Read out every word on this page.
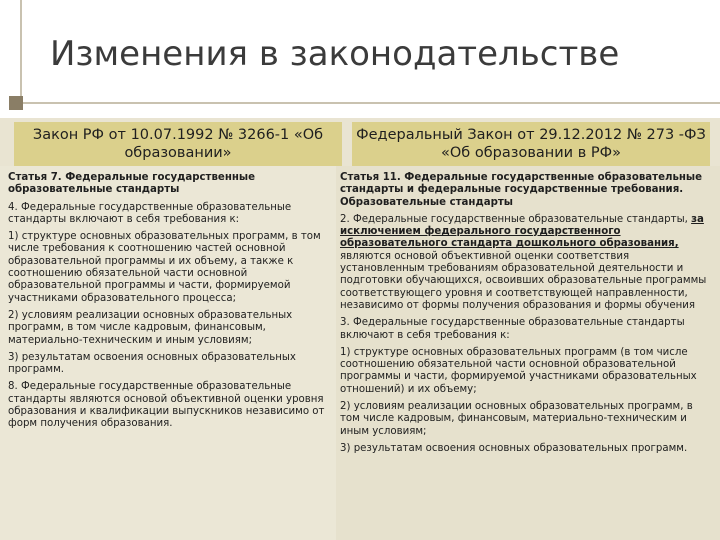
Изменения в законодательстве
Закон РФ от 10.07.1992 № 3266-1 «Об образовании»
Федеральный Закон от 29.12.2012 № 273 -ФЗ «Об образовании в РФ»

Статья 7. Федеральные государственные образовательные стандарты

4. Федеральные государственные образовательные стандарты включают в себя требования к:

1) структуре основных образовательных программ, в том числе требования к соотношению частей основной образовательной программы и их объему, а также к соотношению обязательной части основной образовательной программы и части, формируемой участниками образовательного процесса;

2) условиям реализации основных образовательных программ, в том числе кадровым, финансовым, материально-техническим и иным условиям;

3) результатам освоения основных образовательных программ.

8. Федеральные государственные образовательные стандарты являются основой объективной оценки уровня образования и квалификации выпускников независимо от форм получения образования.

Статья 11. Федеральные государственные образовательные стандарты и федеральные государственные требования. Образовательные стандарты

2. Федеральные государственные образовательные стандарты, за исключением федерального государственного образовательного стандарта дошкольного образования, являются основой объективной оценки соответствия установленным требованиям образовательной деятельности и подготовки обучающихся, освоивших образовательные программы соответствующего уровня и соответствующей направленности, независимо от формы получения образования и формы обучения

3. Федеральные государственные образовательные стандарты включают в себя требования к:

1) структуре основных образовательных программ (в том числе соотношению обязательной части основной образовательной программы и части, формируемой участниками образовательных отношений) и их объему;

2) условиям реализации основных образовательных программ, в том числе кадровым, финансовым, материально-техническим и иным условиям;

3) результатам освоения основных образовательных программ.
